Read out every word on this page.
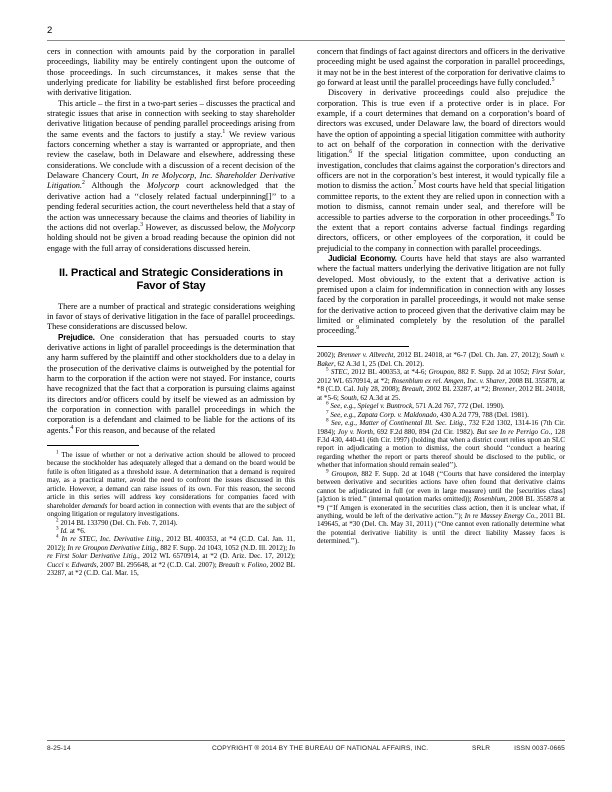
2

cers in connection with amounts paid by the corporation in parallel proceedings, liability may be entirely contingent upon the outcome of those proceedings. In such circumstances, it makes sense that the underlying predicate for liability be established first before proceeding with derivative litigation.

This article – the first in a two-part series – discusses the practical and strategic issues that arise in connection with seeking to stay shareholder derivative litigation because of pending parallel proceedings arising from the same events and the factors to justify a stay.$^1$ We review various factors concerning whether a stay is warranted or appropriate, and then review the caselaw, both in Delaware and elsewhere, addressing these considerations. We conclude with a discussion of a recent decision of the Delaware Chancery Court, In re Molycorp, Inc. Shareholder Derivative Litigation.$^2$ Although the Molycorp court acknowledged that the derivative action had a ‘‘closely related factual underpinning[]’’ to a pending federal securities action, the court nevertheless held that a stay of the action was unnecessary because the claims and theories of liability in the actions did not overlap.$^3$ However, as discussed below, the Molycorp holding should not be given a broad reading because the opinion did not engage with the full array of considerations discussed herein.

II. Practical and Strategic Considerations in Favor of Stay

There are a number of practical and strategic considerations weighing in favor of stays of derivative litigation in the face of parallel proceedings. These considerations are discussed below.

Prejudice. One consideration that has persuaded courts to stay derivative actions in light of parallel proceedings is the determination that any harm suffered by the plaintiff and other stockholders due to a delay in the prosecution of the derivative claims is outweighed by the potential for harm to the corporation if the action were not stayed. For instance, courts have recognized that the fact that a corporation is pursuing claims against its directors and/or officers could by itself be viewed as an admission by the corporation in connection with parallel proceedings in which the corporation is a defendant and claimed to be liable for the actions of its agents.$^4$ For this reason, and because of the related

$^1$ The issue of whether or not a derivative action should be allowed to proceed because the stockholder has adequately alleged that a demand on the board would be futile is often litigated as a threshold issue. A determination that a demand is required may, as a practical matter, avoid the need to confront the issues discussed in this article. However, a demand can raise issues of its own. For this reason, the second article in this series will address key considerations for companies faced with shareholder demands for board action in connection with events that are the subject of ongoing litigation or regulatory investigations.

$^2$ 2014 BL 133790 (Del. Ch. Feb. 7, 2014).

$^3$ Id. at *6.

$^4$ In re STEC, Inc. Derivative Litig., 2012 BL 400353, at *4 (C.D. Cal. Jan. 11, 2012); In re Groupon Derivative Litig., 882 F. Supp. 2d 1043, 1052 (N.D. Ill. 2012); In re First Solar Derivative Litig., 2012 WL 6570914, at *2 (D. Ariz. Dec. 17, 2012); Cucci v. Edwards, 2007 BL 295648, at *2 (C.D. Cal. 2007); Breault v. Folino, 2002 BL 23287, at *2 (C.D. Cal. Mar. 15,

concern that findings of fact against directors and officers in the derivative proceeding might be used against the corporation in parallel proceedings, it may not be in the best interest of the corporation for derivative claims to go forward at least until the parallel proceedings have fully concluded.$^5$

Discovery in derivative proceedings could also prejudice the corporation. This is true even if a protective order is in place. For example, if a court determines that demand on a corporation’s board of directors was excused, under Delaware law, the board of directors would have the option of appointing a special litigation committee with authority to act on behalf of the corporation in connection with the derivative litigation.$^6$ If the special litigation committee, upon conducting an investigation, concludes that claims against the corporation’s directors and officers are not in the corporation’s best interest, it would typically file a motion to dismiss the action.$^7$ Most courts have held that special litigation committee reports, to the extent they are relied upon in connection with a motion to dismiss, cannot remain under seal, and therefore will be accessible to parties adverse to the corporation in other proceedings.$^8$ To the extent that a report contains adverse factual findings regarding directors, officers, or other employees of the corporation, it could be prejudicial to the company in connection with parallel proceedings.

Judicial Economy. Courts have held that stays are also warranted where the factual matters underlying the derivative litigation are not fully developed. Most obviously, to the extent that a derivative action is premised upon a claim for indemnification in connection with any losses faced by the corporation in parallel proceedings, it would not make sense for the derivative action to proceed given that the derivative claim may be limited or eliminated completely by the resolution of the parallel proceeding.$^9$

2002); Brenner v. Albrecht, 2012 BL 24018, at *6-7 (Del. Ch. Jan. 27, 2012); South v. Baker, 62 A.3d 1, 25 (Del. Ch. 2012).

$^5$ STEC, 2012 BL 400353, at *4-6; Groupon, 882 F. Supp. 2d at 1052; First Solar, 2012 WL 6570914, at *2; Rosenblum ex rel. Amgen, Inc. v. Sharer, 2008 BL 355878, at *8 (C.D. Cal. July 28, 2008); Breault, 2002 BL 23287, at *2; Brenner, 2012 BL 24018, at *5-6; South, 62 A.3d at 25.

$^6$ See, e.g., Spiegel v. Buntrock, 571 A.2d 767, 772 (Del. 1990).

$^7$ See, e.g., Zapata Corp. v. Maldonado, 430 A.2d 779, 788 (Del. 1981).

$^8$ See, e.g., Matter of Continental Ill. Sec. Litig., 732 F.2d 1302, 1314-16 (7th Cir. 1984); Joy v. North, 692 F.2d 880, 894 (2d Cir. 1982). But see In re Perrigo Co., 128 F.3d 430, 440-41 (6th Cir. 1997) (holding that when a district court relies upon an SLC report in adjudicating a motion to dismiss, the court should ‘‘conduct a hearing regarding whether the report or parts thereof should be disclosed to the public, or whether that information should remain sealed’’).

$^9$ Groupon, 882 F. Supp. 2d at 1048 (‘‘Courts that have considered the interplay between derivative and securities actions have often found that derivative claims cannot be adjudicated in full (or even in large measure) until the [securities class] [a]ction is tried.’’ (internal quotation marks omitted)); Rosenblum, 2008 BL 355878 at *9 (‘‘If Amgen is exonerated in the securities class action, then it is unclear what, if anything, would be left of the derivative action.’’); In re Massey Energy Co., 2011 BL 149645, at *30 (Del. Ch. May 31, 2011) (‘‘One cannot even rationally determine what the potential derivative liability is until the direct liability Massey faces is determined.’’).

8-25-14	COPYRIGHT ® 2014 BY THE BUREAU OF NATIONAL AFFAIRS, INC.	SRLR	ISSN 0037-0665
